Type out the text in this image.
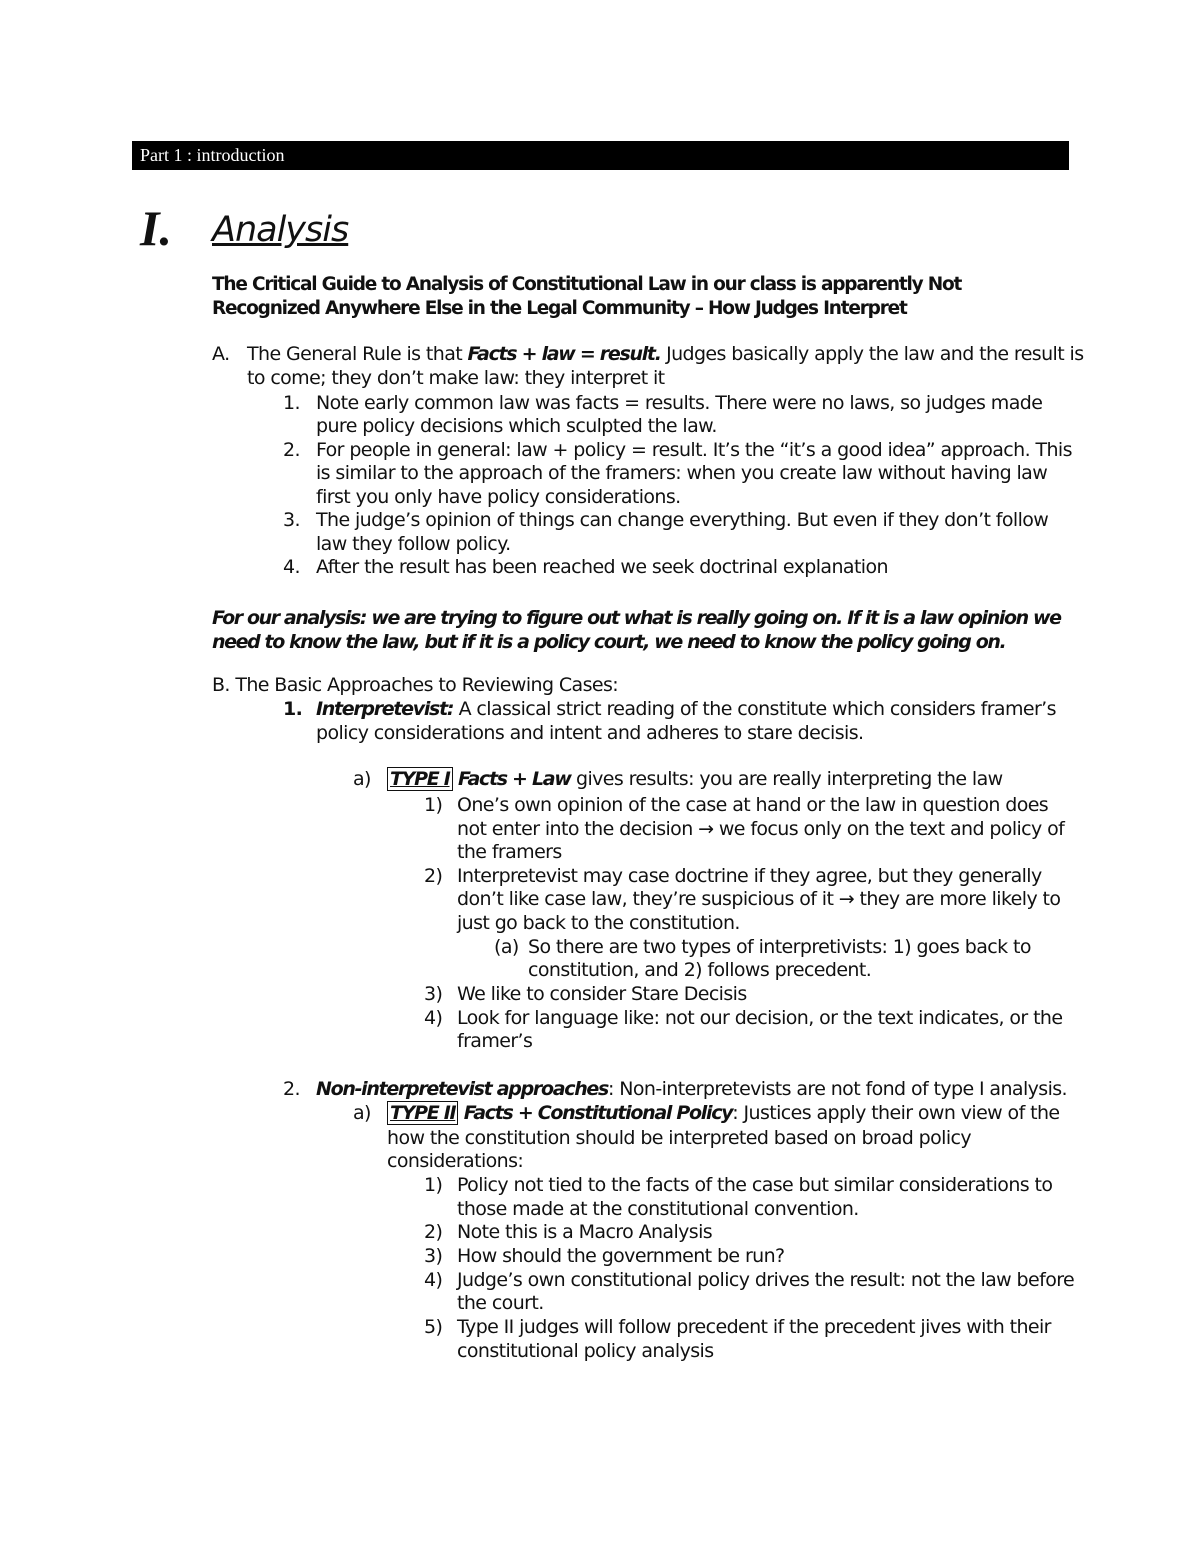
Part 1 : introduction
I. Analysis
The Critical Guide to Analysis of Constitutional Law in our class is apparently Not Recognized Anywhere Else in the Legal Community – How Judges Interpret
A. The General Rule is that Facts + law = result. Judges basically apply the law and the result is
to come; they don’t make law: they interpret it
1. Note early common law was facts = results. There were no laws, so judges made
pure policy decisions which sculpted the law.
2. For people in general: law + policy = result. It’s the “it’s a good idea” approach. This
is similar to the approach of the framers: when you create law without having law
first you only have policy considerations.
3. The judge’s opinion of things can change everything. But even if they don’t follow
law they follow policy.
4. After the result has been reached we seek doctrinal explanation
For our analysis: we are trying to figure out what is really going on. If it is a law opinion we need to know the law, but if it is a policy court, we need to know the policy going on.
B. The Basic Approaches to Reviewing Cases:
1. Interpretevist: A classical strict reading of the constitute which considers framer’s
policy considerations and intent and adheres to stare decisis.
a) TYPE I Facts + Law gives results: you are really interpreting the law
1) One’s own opinion of the case at hand or the law in question does
not enter into the decision → we focus only on the text and policy of
the framers
2) Interpretevist may case doctrine if they agree, but they generally
don’t like case law, they’re suspicious of it → they are more likely to
just go back to the constitution.
(a) So there are two types of interpretivists: 1) goes back to
constitution, and 2) follows precedent.
3) We like to consider Stare Decisis
4) Look for language like: not our decision, or the text indicates, or the
framer’s
2. Non-interpretevist approaches: Non-interpretevists are not fond of type I analysis.
a) TYPE II Facts + Constitutional Policy: Justices apply their own view of the
how the constitution should be interpreted based on broad policy
considerations:
1) Policy not tied to the facts of the case but similar considerations to
those made at the constitutional convention.
2) Note this is a Macro Analysis
3) How should the government be run?
4) Judge’s own constitutional policy drives the result: not the law before
the court.
5) Type II judges will follow precedent if the precedent jives with their
constitutional policy analysis
